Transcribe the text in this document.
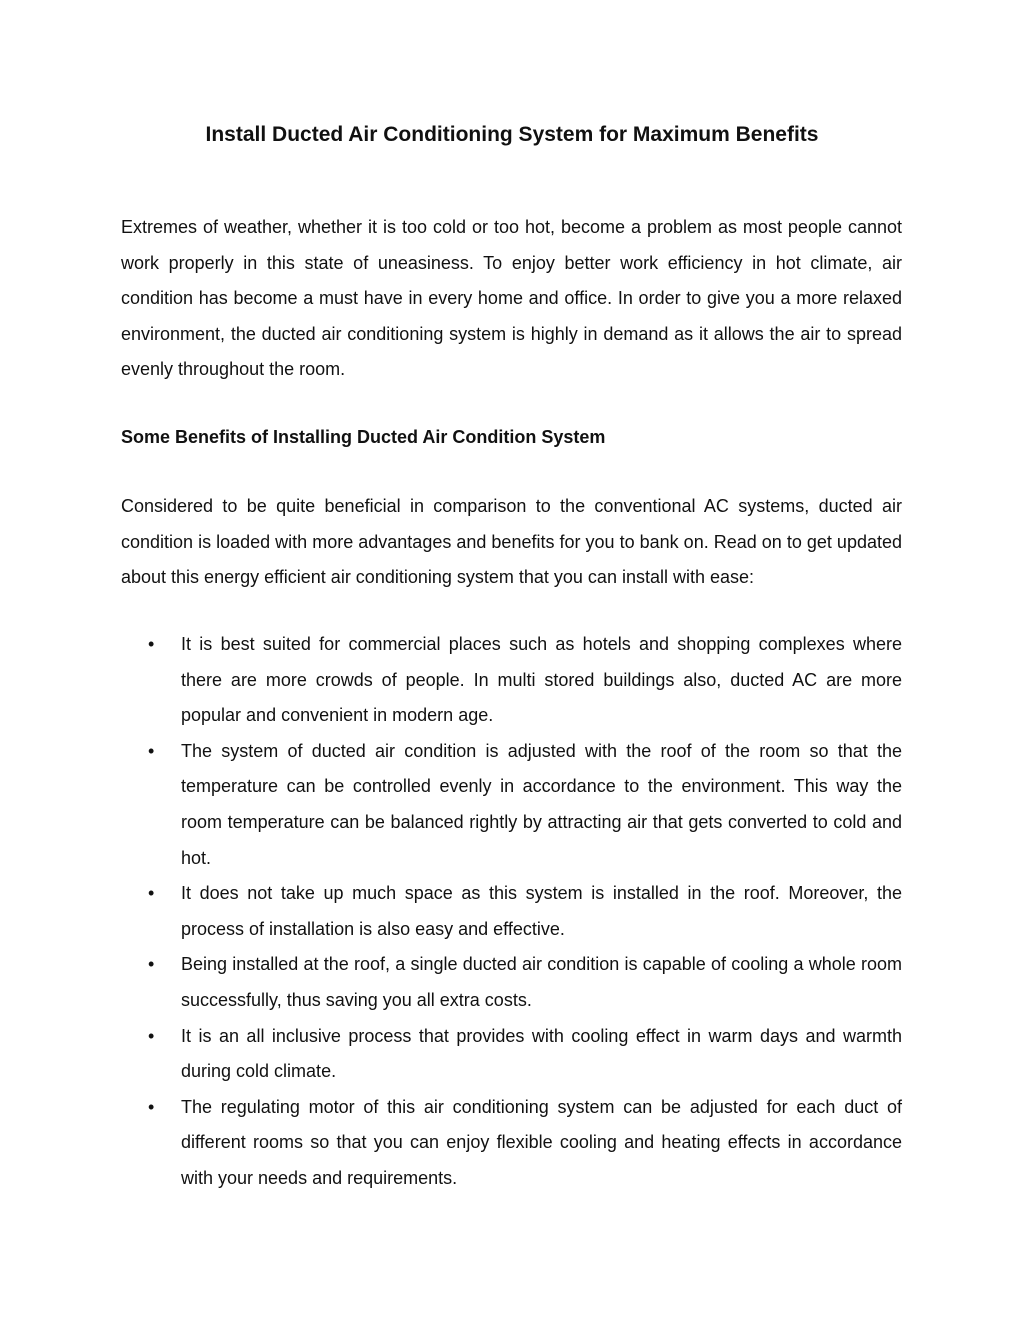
Install Ducted Air Conditioning System for Maximum Benefits

Extremes of weather, whether it is too cold or too hot, become a problem as most people cannot work properly in this state of uneasiness. To enjoy better work efficiency in hot climate, air condition has become a must have in every home and office. In order to give you a more relaxed environment, the ducted air conditioning system is highly in demand as it allows the air to spread evenly throughout the room.

Some Benefits of Installing Ducted Air Condition System

Considered to be quite beneficial in comparison to the conventional AC systems, ducted air condition is loaded with more advantages and benefits for you to bank on. Read on to get updated about this energy efficient air conditioning system that you can install with ease:

• It is best suited for commercial places such as hotels and shopping complexes where there are more crowds of people. In multi stored buildings also, ducted AC are more popular and convenient in modern age.
• The system of ducted air condition is adjusted with the roof of the room so that the temperature can be controlled evenly in accordance to the environment. This way the room temperature can be balanced rightly by attracting air that gets converted to cold and hot.
• It does not take up much space as this system is installed in the roof. Moreover, the process of installation is also easy and effective.
• Being installed at the roof, a single ducted air condition is capable of cooling a whole room successfully, thus saving you all extra costs.
• It is an all inclusive process that provides with cooling effect in warm days and warmth during cold climate.
• The regulating motor of this air conditioning system can be adjusted for each duct of different rooms so that you can enjoy flexible cooling and heating effects in accordance with your needs and requirements.
